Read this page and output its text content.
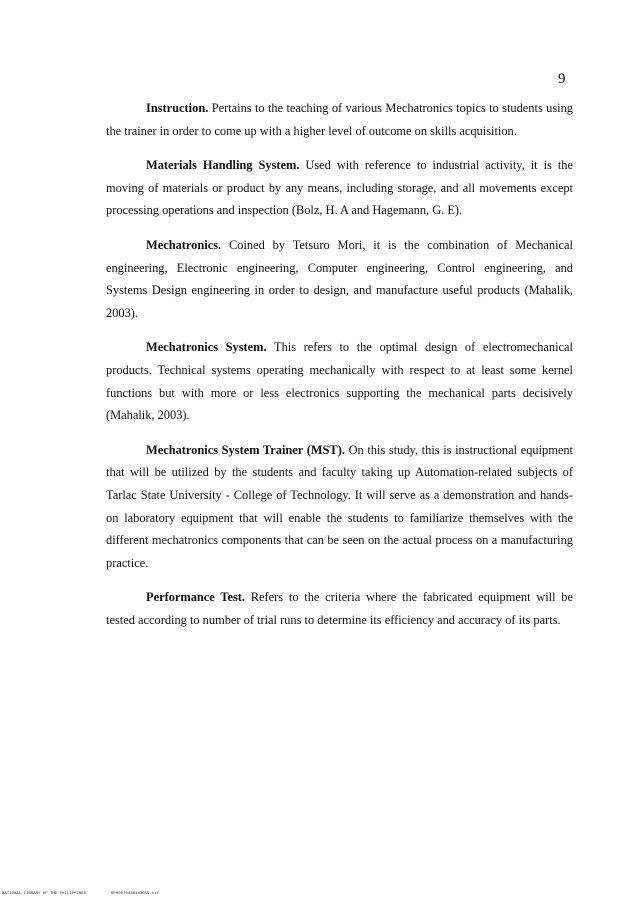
9

Instruction. Pertains to the teaching of various Mechatronics topics to students using the trainer in order to come up with a higher level of outcome on skills acquisition.

Materials Handling System. Used with reference to industrial activity, it is the moving of materials or product by any means, including storage, and all movements except processing operations and inspection (Bolz, H. A and Hagemann, G. E).

Mechatronics. Coined by Tetsuro Mori, it is the combination of Mechanical engineering, Electronic engineering, Computer engineering, Control engineering, and Systems Design engineering in order to design, and manufacture useful products (Mahalik, 2003).

Mechatronics System. This refers to the optimal design of electromechanical products. Technical systems operating mechanically with respect to at least some kernel functions but with more or less electronics supporting the mechanical parts decisively (Mahalik, 2003).

Mechatronics System Trainer (MST). On this study, this is instructional equipment that will be utilized by the students and faculty taking up Automation-related subjects of Tarlac State University - College of Technology. It will serve as a demonstration and hands-on laboratory equipment that will enable the students to familiarize themselves with the different mechatronics components that can be seen on the actual process on a manufacturing practice.

Performance Test. Refers to the criteria where the fabricated equipment will be tested according to number of trial runs to determine its efficiency and accuracy of its parts.

NATIONAL LIBRARY OF THE PHILIPPINES	RPH0070436143019.tif
